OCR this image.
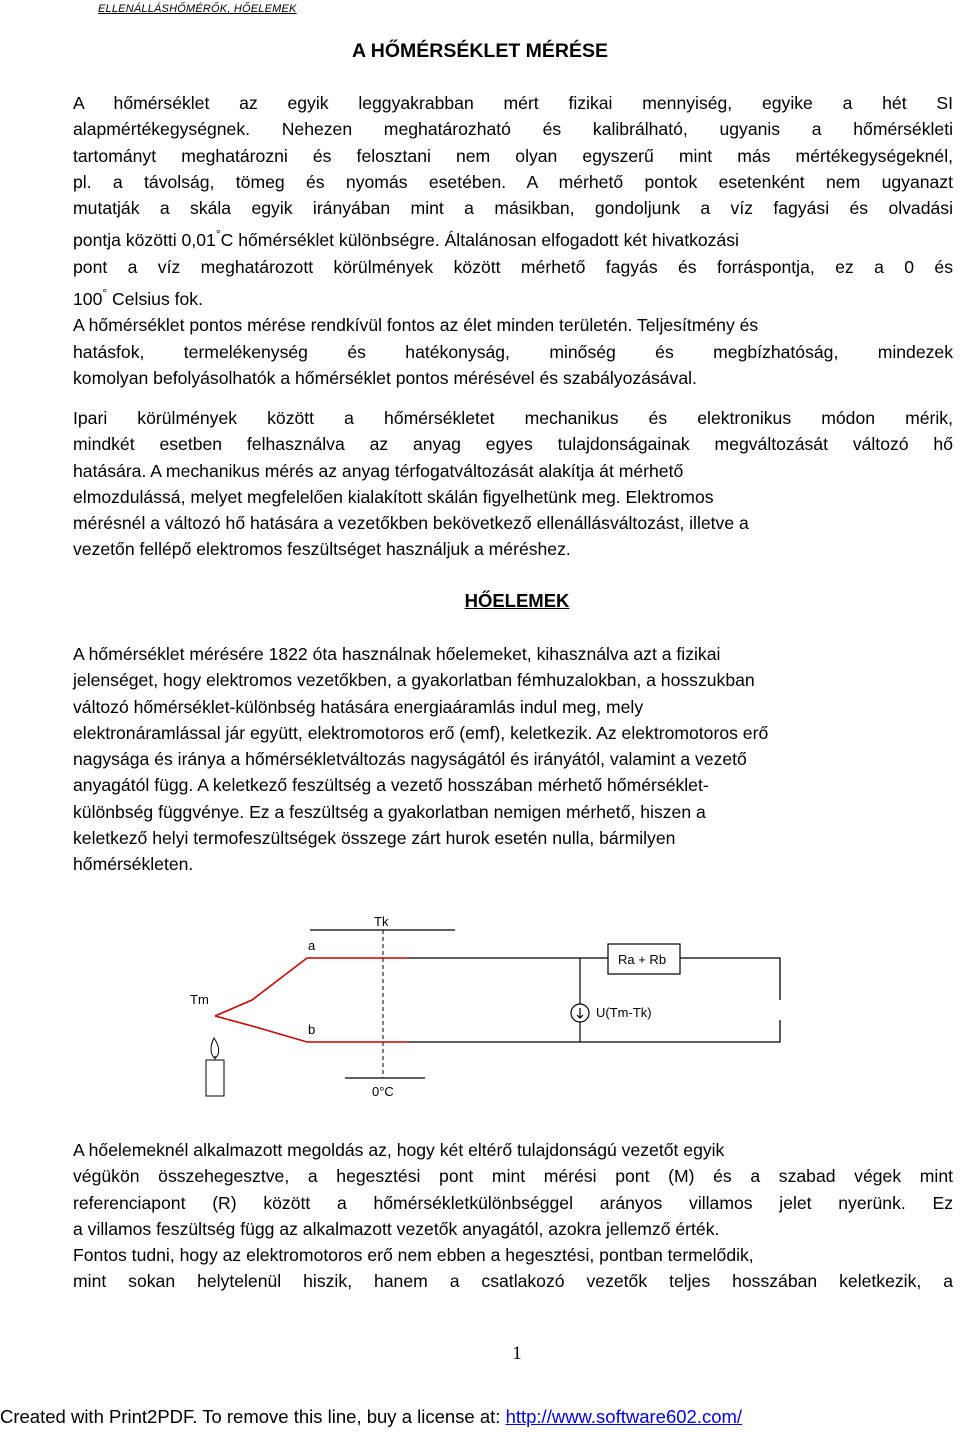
ELLENÁLLÁSHŐMÉRŐK, HŐELEMEK
A HŐMÉRSÉKLET MÉRÉSE
A hőmérséklet az egyik leggyakrabban mért fizikai mennyiség, egyike a hét SI
alapmértékegységnek. Nehezen meghatározható és kalibrálható, ugyanis a hőmérsékleti
tartományt meghatározni és felosztani nem olyan egyszerű mint más mértékegységeknél,
pl. a távolság, tömeg és nyomás esetében. A mérhető pontok esetenként nem ugyanazt
mutatják a skála egyik irányában mint a másikban, gondoljunk a víz fagyási és olvadási
pontja közötti 0,01°C hőmérséklet különbségre. Általánosan elfogadott két hivatkozási
pont a víz meghatározott körülmények között mérhető fagyás és forráspontja, ez a 0 és
100° Celsius fok.
A hőmérséklet pontos mérése rendkívül fontos az élet minden területén. Teljesítmény és
hatásfok, termelékenység és hatékonyság, minőség és megbízhatóság, mindezek
komolyan befolyásolhatók a hőmérséklet pontos mérésével és szabályozásával.
Ipari körülmények között a hőmérsékletet mechanikus és elektronikus módon mérik,
mindkét esetben felhasználva az anyag egyes tulajdonságainak megváltozását változó hő
hatására. A mechanikus mérés az anyag térfogatváltozását alakítja át mérhető
elmozdulássá, melyet megfelelően kialakított skálán figyelhetünk meg. Elektromos
mérésnél a változó hő hatására a vezetőkben bekövetkező ellenállásváltozást, illetve a
vezetőn fellépő elektromos feszültséget használjuk a méréshez.
HŐELEMEK
A hőmérséklet mérésére 1822 óta használnak hőelemeket, kihasználva azt a fizikai
jelenséget, hogy elektromos vezetőkben, a gyakorlatban fémhuzalokban, a hosszukban
változó hőmérséklet-különbség hatására energiaáramlás indul meg, mely
elektronáramlással jár együtt, elektromotoros erő (emf), keletkezik. Az elektromotoros erő
nagysága és iránya a hőmérsékletváltozás nagyságától és irányától, valamint a vezető
anyagától függ. A keletkező feszültség a vezető hosszában mérhető hőmérséklet-
különbség függvénye. Ez a feszültség a gyakorlatban nemigen mérhető, hiszen a
keletkező helyi termofeszültségek összege zárt hurok esetén nulla, bármilyen
hőmérsékleten.
Tk
0°C
Tm
a
b
Ra + Rb
U(Tm-Tk)
A hőelemeknél alkalmazott megoldás az, hogy két eltérő tulajdonságú vezetőt egyik
végükön összehegesztve, a hegesztési pont mint mérési pont (M) és a szabad végek mint
referenciapont (R) között a hőmérsékletkülönbséggel arányos villamos jelet nyerünk. Ez
a villamos feszültség függ az alkalmazott vezetők anyagától, azokra jellemző érték.
Fontos tudni, hogy az elektromotoros erő nem ebben a hegesztési, pontban termelődik,
mint sokan helytelenül hiszik, hanem a csatlakozó vezetők teljes hosszában keletkezik, a
1
Created with Print2PDF. To remove this line, buy a license at: http://www.software602.com/
